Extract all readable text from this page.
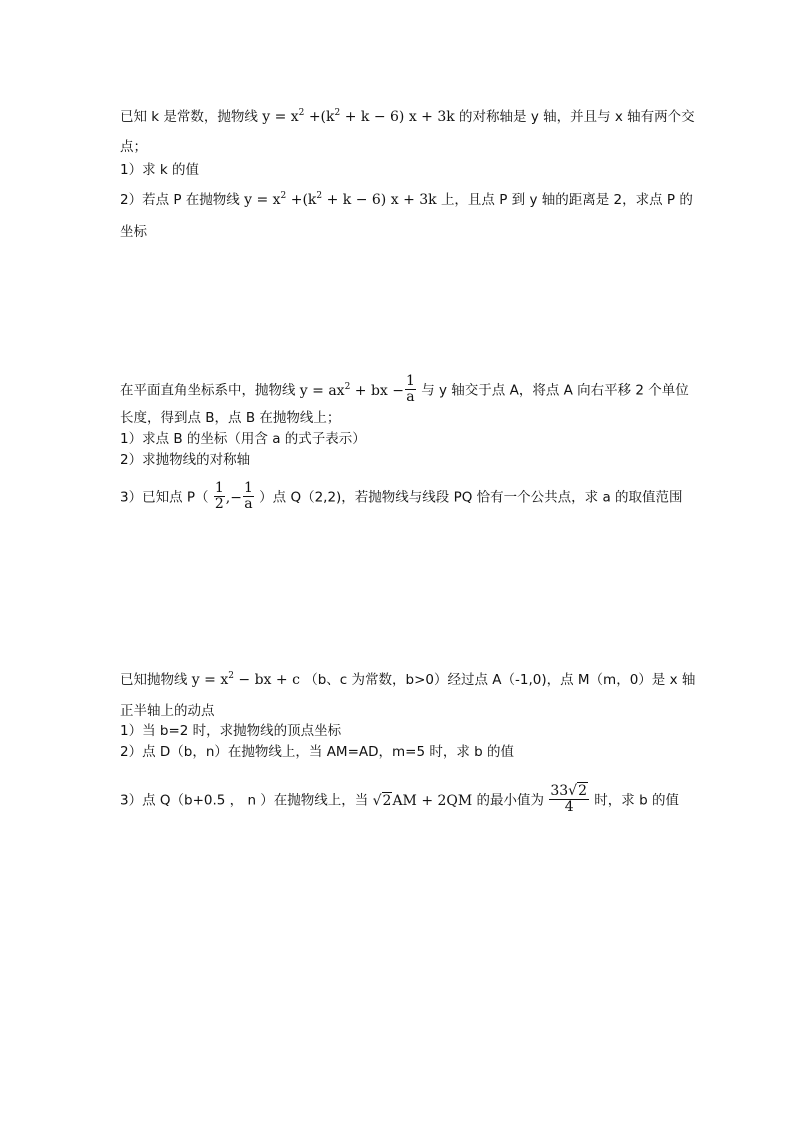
已知 k 是常数，抛物线 $y = x^2 +(k^2 + k - 6) x + 3k$ 的对称轴是 y 轴，并且与 x 轴有两个交
点；
1）求 k 的值
2）若点 P 在抛物线 $y = x^2 +(k^2 + k - 6) x + 3k$ 上，且点 P 到 y 轴的距离是 2，求点 P 的
坐标
在平面直角坐标系中，抛物线 $y = ax^2$ + bx − $\frac{1}{a}$ 与 y 轴交于点 A，将点 A 向右平移 2 个单位
长度，得到点 B，点 B 在抛物线上；
1）求点 B 的坐标（用含 a 的式子表示）
2）求抛物线的对称轴
3）已知点 $P( \frac{1}{2}$ ,− $\frac{1}{a}$ ）点 Q（2,2)，若抛物线与线段 PQ 恰有一个公共点，求 a 的取值范围
已知抛物线 $y = x^2$ − bx + c （b、c 为常数，b>0）经过点 A（-1,0)，点 M（m，0）是 x 轴
正半轴上的动点
1）当 b=2 时，求抛物线的顶点坐标
2）点 D（b，n）在抛物线上，当 AM=AD，m=5 时，求 b 的值
3）点 Q（b+0.5 ， n ）在抛物线上，当 √2AM + 2QM 的最小值为 $\frac{33√2}{4}$ 时，求 b 的值
